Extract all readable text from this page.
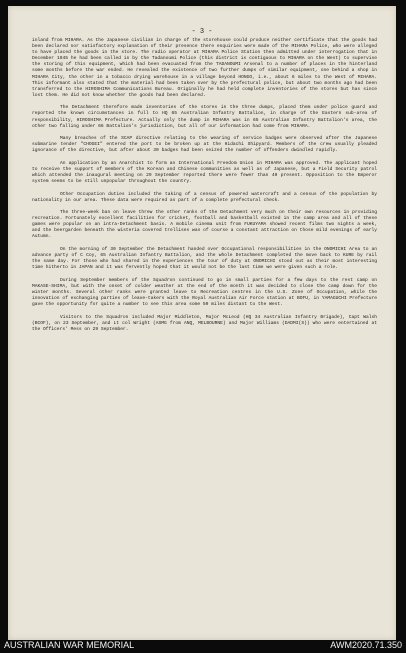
- 3 -

inland from MIHARA. As the Japanese civilian in charge of the storehouse could produce neither certificate that the goods had been declared nor satisfactory explanation of their presence there enquiries were made of the MIHARA Police, who were alleged to have placed the goods in the store. The radio operator at MIHARA Police Station then admitted under interrogation that in December 1945 he had been called in by the Tadanoumi Police (this district is contiguous to MIHARA on the West) to supervise the storing of this equipment, which had been evacuated from the TADANOUMI Arsenal to a number of places in the hinterland some months before the war ended. He revealed the existence of two further dumps of similar equipment, one behind a shop in MIHARA City, the other in a tobacco drying warehouse in a village beyond HONGO, i.e., about 6 miles to the West of MIHARA. This informant also stated that the material had been taken over by the prefectural police, but about two months ago had been transferred to the HIROSHIMA Communications Bureau. Originally he had held complete inventories of the stores but has since lost them. He did not know whether the goods had been declared.

The Detachment therefore made inventories of the stores in the three dumps, placed them under police guard and reported the known circumstances in full to HQ 65 Australian Infantry Battalion, in charge of the Eastern sub-area of responsibility, HIROSHIMA Prefecture. Actually only the dump in MIHARA was in 65 Australian Infantry Battalion's area, the other two falling under 66 Battalion's jurisdiction, but all of our information had come from MIHARA.

Many breaches of the SCAP directive relating to the wearing of service badges were observed after the Japanese submarine tender "CHOGEI" entered the port to be broken up at the Hidachi Shipyard. Members of the crew usually pleaded ignorance of the directive, but after about 30 badges had been seized the number of offenders dwindled rapidly.

An application by an Anarchist to form an International Freedom Union in MIHARA was approved. The applicant hoped to receive the support of members of the Korean and Chinese communities as well as of Japanese, but a Field Security patrol which attended the inaugural meeting on 29 September reported there were fewer than 40 present. Opposition to the Emperor system seems to be still unpopular throughout the country.

Other Occupation duties included the taking of a census of powered watercraft and a census of the population by nationality in our area. These data were required as part of a complete prefectural check.

The three-week ban on leave threw the other ranks of the Detachment very much on their own resources in providing recreation. Fortunately excellent facilities for cricket, football and basketball existed in the camp area and all of these games were popular on an intra-Detachment basis. A mobile cinema unit from FUKUYAMA showed recent films two nights a week, and the beergarden beneath the wisteria covered trellises was of course a constant attraction on those mild evenings of early Autumn.

On the morning of 30 September the Detachment handed over Occupational responsibilities in the ONOMICHI Area to an advance party of C Coy, 65 Australian Infantry Battalion, and the whole Detachment completed the move back to KURE by rail the same day. For those who had shared in the experiences the tour of duty at ONOMICHI stood out as their most interesting time hitherto in JAPAN and it was fervently hoped that it would not be the last time we were given such a role.

During September members of the Squadron continued to go in small parties for a few days to the rest camp on MAKASE-SHIMA, but with the onset of colder weather at the end of the month it was decided to close the camp down for the winter months. Several other ranks were granted leave to Recreation centres in the U.S. Zone of Occupation, while the innovation of exchanging parties of leave-takers with the Royal Australian Air Force station at BOFU, in YAMAGUCHI Prefecture gave the opportunity for quite a number to see this area some 50 miles distant to the West.

Visitors to the Squadron included Major Middleton, Major McLeod (HQ 34 Australian Infantry Brigade), Capt Walsh (BCOF), on 23 September, and Lt col Wright (ASMG from ANQ, MELBOURNE) and Major Williams (DADMI(S)) who were entertained at the Officers' Mess on 29 September.

AUSTRALIAN WAR MEMORIAL	AWM2020.71.350
